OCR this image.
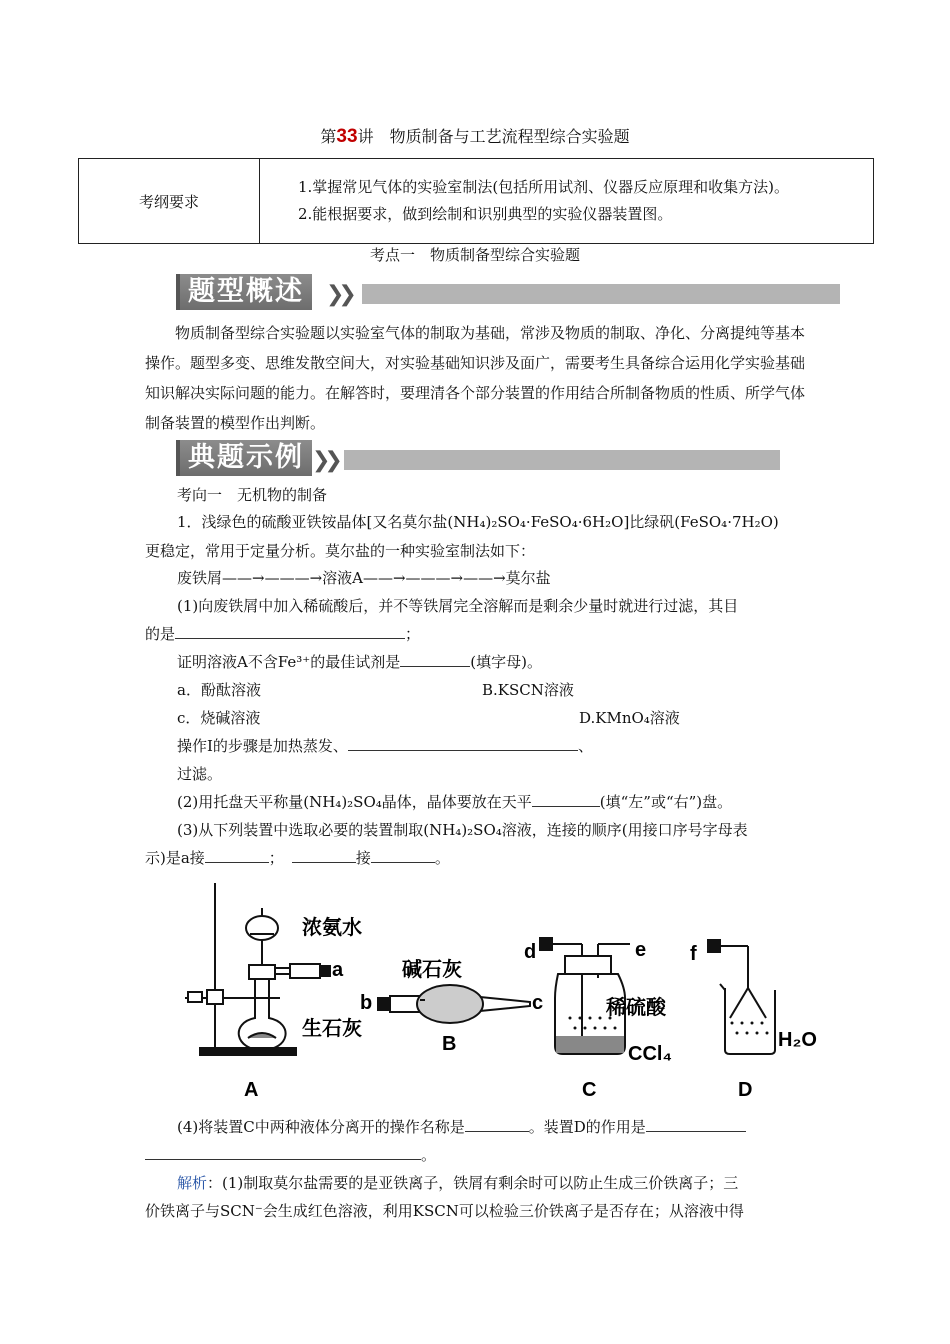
第33讲　物质制备与工艺流程型综合实验题
考纲要求	
1.掌握常见气体的实验室制法(包括所用试剂、仪器反应原理和收集方法)。
2.能根据要求，做到绘制和识别典型的实验仪器装置图。
考点一　物质制备型综合实验题
题型概述	❯❯

物质制备型综合实验题以实验室气体的制取为基础，常涉及物质的制取、净化、分离提纯等基本操作。题型多变、思维发散空间大，对实验基础知识涉及面广，需要考生具备综合运用化学实验基础知识解决实际问题的能力。在解答时，要理清各个部分装置的作用结合所制备物质的性质、所学气体制备装置的模型作出判断。

典题示例 ❯❯
考向一　无机物的制备
1．浅绿色的硫酸亚铁铵晶体[又名莫尔盐(NH₄)₂SO₄·FeSO₄·6H₂O]比绿矾(FeSO₄·7H₂O)
更稳定，常用于定量分析。莫尔盐的一种实验室制法如下：
废铁屑——→———→溶液A——→———→——→莫尔盐
(1)向废铁屑中加入稀硫酸后，并不等铁屑完全溶解而是剩余少量时就进行过滤，其目
的是	；
证明溶液A不含Fe³⁺的最佳试剂是	(填字母)。
a．酚酞溶液	B.KSCN溶液
c．烧碱溶液	D.KMnO₄溶液
操作Ⅰ的步骤是加热蒸发、	、
过滤。
(2)用托盘天平称量(NH₄)₂SO₄晶体，晶体要放在天平	(填“左”或“右”)盘。
(3)从下列装置中选取必要的装置制取(NH₄)₂SO₄溶液，连接的顺序(用接口序号字母表
示)是a接	；	接	。
浓氨水
生石灰
碱石灰
稀硫酸
CCl₄
H₂O
a
b	c
d	e f
A
B
C	D
(4)将装置C中两种液体分离开的操作名称是	。装置D的作用是
。
解析：(1)制取莫尔盐需要的是亚铁离子，铁屑有剩余时可以防止生成三价铁离子；三
价铁离子与SCN⁻会生成红色溶液，利用KSCN可以检验三价铁离子是否存在；从溶液中得
